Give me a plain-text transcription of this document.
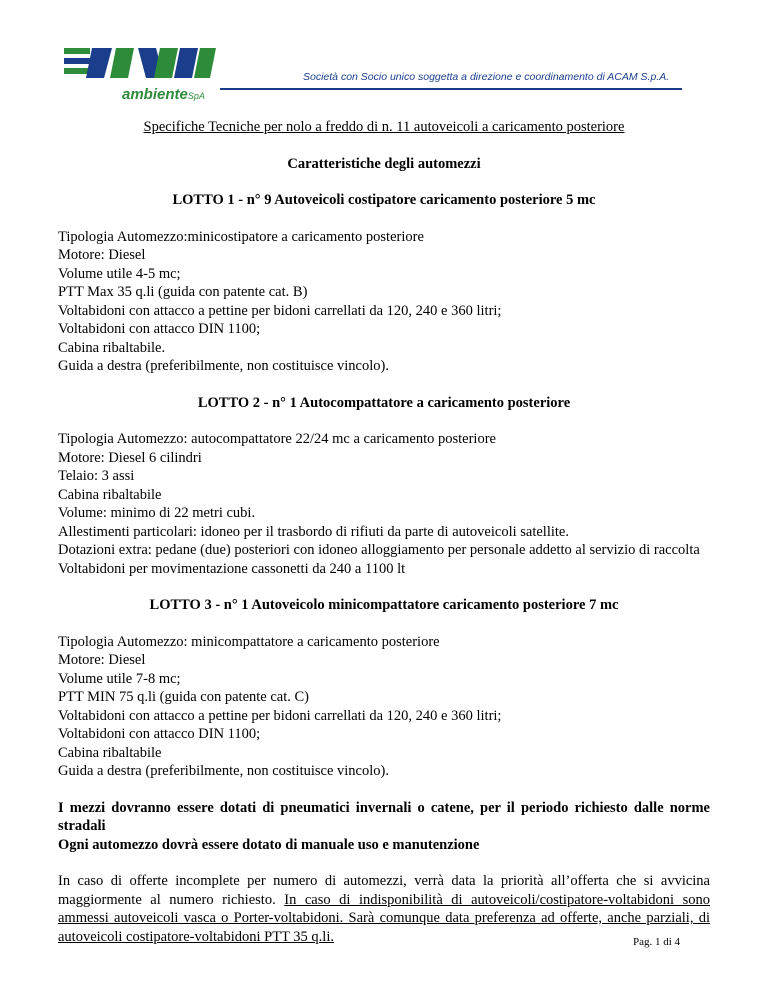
ambienteSpA
Società con Socio unico soggetta a direzione e coordinamento di ACAM S.p.A.

Specifiche Tecniche per nolo a freddo di n. 11 autoveicoli a caricamento posteriore

Caratteristiche degli automezzi

LOTTO 1 - n° 9 Autoveicoli costipatore caricamento posteriore 5 mc

Tipologia Automezzo:minicostipatore a caricamento posteriore
Motore: Diesel
Volume utile 4-5 mc;
PTT Max 35 q.li (guida con patente cat. B)
Voltabidoni con attacco a pettine per bidoni carrellati da 120, 240 e 360 litri;
Voltabidoni con attacco DIN 1100;
Cabina ribaltabile.
Guida a destra (preferibilmente, non costituisce vincolo).

LOTTO 2 - n° 1 Autocompattatore a caricamento posteriore

Tipologia Automezzo: autocompattatore 22/24 mc a caricamento posteriore
Motore: Diesel 6 cilindri
Telaio: 3 assi
Cabina ribaltabile
Volume: minimo di 22 metri cubi.
Allestimenti particolari: idoneo per il trasbordo di rifiuti da parte di autoveicoli satellite.
Dotazioni extra: pedane (due) posteriori con idoneo alloggiamento per personale addetto al servizio di raccolta
Voltabidoni per movimentazione cassonetti da 240 a 1100 lt

LOTTO 3 - n° 1 Autoveicolo minicompattatore caricamento posteriore 7 mc

Tipologia Automezzo: minicompattatore a caricamento posteriore
Motore: Diesel
Volume utile 7-8 mc;
PTT MIN 75 q.li (guida con patente cat. C)
Voltabidoni con attacco a pettine per bidoni carrellati da 120, 240 e 360 litri;
Voltabidoni con attacco DIN 1100;
Cabina ribaltabile
Guida a destra (preferibilmente, non costituisce vincolo).
I mezzi dovranno essere dotati di pneumatici invernali o catene, per il periodo richiesto dalle norme stradali
Ogni automezzo dovrà essere dotato di manuale uso e manutenzione

In caso di offerte incomplete per numero di automezzi, verrà data la priorità all’offerta che si avvicina maggiormente al numero richiesto. In caso di indisponibilità di autoveicoli/costipatore-voltabidoni sono ammessi autoveicoli vasca o Porter-voltabidoni. Sarà comunque data preferenza ad offerte, anche parziali, di autoveicoli costipatore-voltabidoni PTT 35 q.li.	Pag. 1 di 4
